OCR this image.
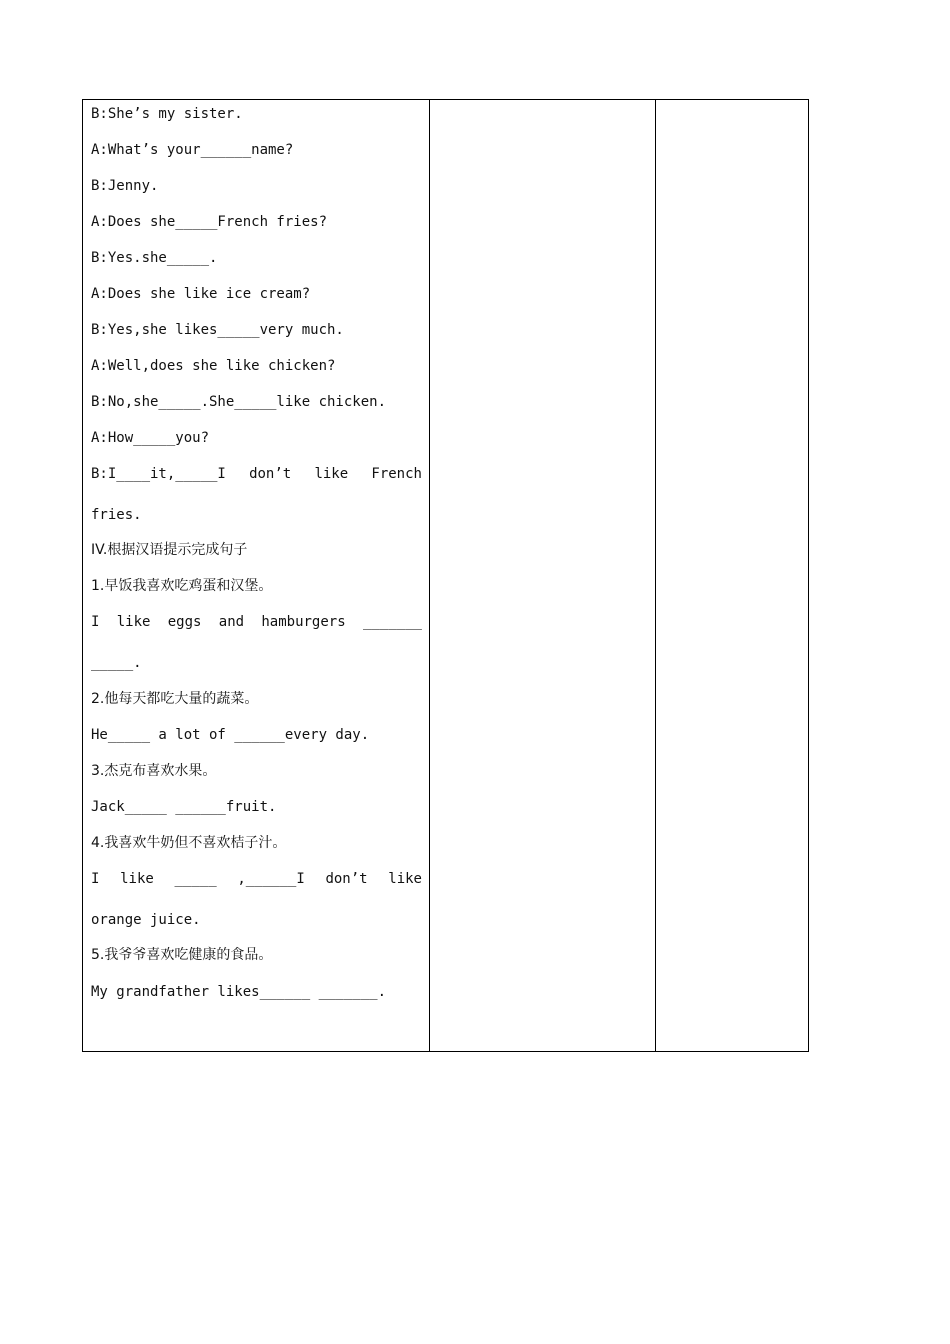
B:She’s my sister.
A:What’s your______name?
B:Jenny.
A:Does she_____French fries?
B:Yes.she_____.
A:Does she like ice cream?
B:Yes,she likes_____very much.
A:Well,does she like chicken?
B:No,she_____.She_____like chicken.
A:How_____you?
B:I____it,_____I don’t like French
fries.
IV.根据汉语提示完成句子
1.早饭我喜欢吃鸡蛋和汉堡。
I like eggs and hamburgers _______
_____.
2.他每天都吃大量的蔬菜。
He_____ a lot of ______every day.
3.杰克布喜欢水果。
Jack_____ ______fruit.
4.我喜欢牛奶但不喜欢桔子汁。
I like _____ ,______I don’t like
orange juice.
5.我爷爷喜欢吃健康的食品。
My grandfather likes______ _______.
